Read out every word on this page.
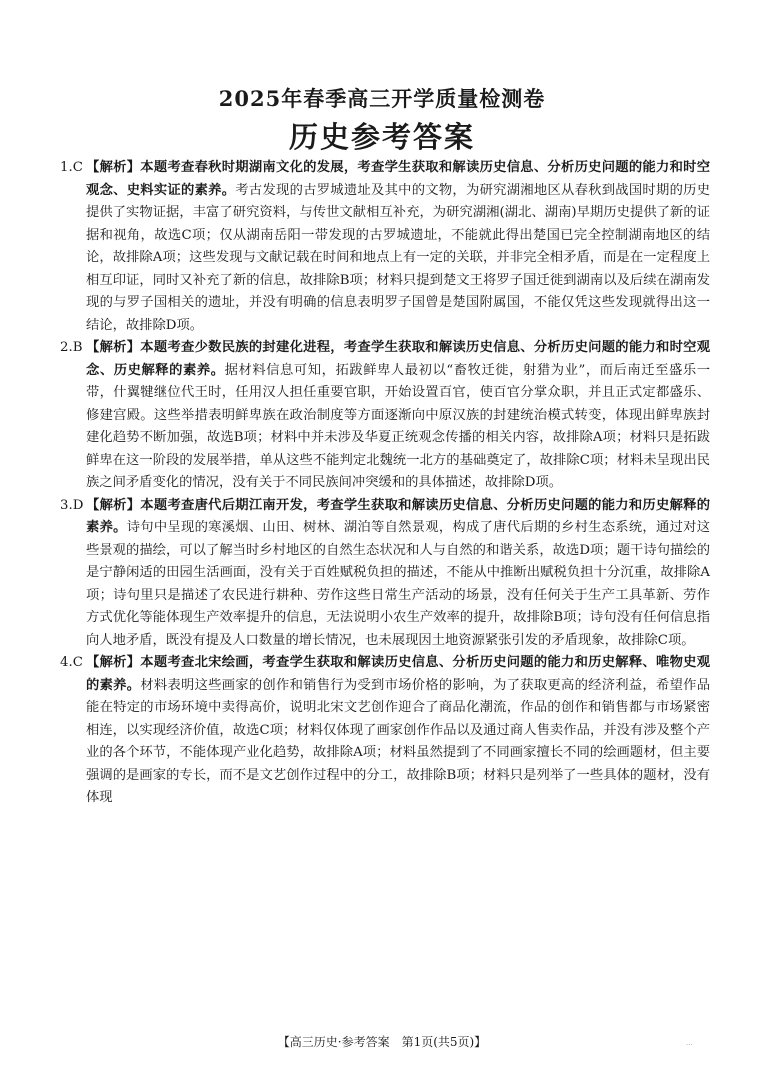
2025年春季高三开学质量检测卷
历史参考答案
1.C 【解析】本题考查春秋时期湖南文化的发展，考查学生获取和解读历史信息、分析历史问题的能力和时空观念、史料实证的素养。考古发现的古罗城遗址及其中的文物，为研究湖湘地区从春秋到战国时期的历史提供了实物证据，丰富了研究资料，与传世文献相互补充，为研究湖湘(湖北、湖南)早期历史提供了新的证据和视角，故选C项；仅从湖南岳阳一带发现的古罗城遗址，不能就此得出楚国已完全控制湖南地区的结论，故排除A项；这些发现与文献记载在时间和地点上有一定的关联，并非完全相矛盾，而是在一定程度上相互印证，同时又补充了新的信息，故排除B项；材料只提到楚文王将罗子国迁徙到湖南以及后续在湖南发现的与罗子国相关的遗址，并没有明确的信息表明罗子国曾是楚国附属国，不能仅凭这些发现就得出这一结论，故排除D项。
2.B 【解析】本题考查少数民族的封建化进程，考查学生获取和解读历史信息、分析历史问题的能力和时空观念、历史解释的素养。据材料信息可知，拓跋鲜卑人最初以“畜牧迁徙，射猎为业”，而后南迁至盛乐一带，什翼犍继位代王时，任用汉人担任重要官职，开始设置百官，使百官分掌众职，并且正式定都盛乐、修建宫殿。这些举措表明鲜卑族在政治制度等方面逐渐向中原汉族的封建统治模式转变，体现出鲜卑族封建化趋势不断加强，故选B项；材料中并未涉及华夏正统观念传播的相关内容，故排除A项；材料只是拓跋鲜卑在这一阶段的发展举措，单从这些不能判定北魏统一北方的基础奠定了，故排除C项；材料未呈现出民族之间矛盾变化的情况，没有关于不同民族间冲突缓和的具体描述，故排除D项。
3.D 【解析】本题考查唐代后期江南开发，考查学生获取和解读历史信息、分析历史问题的能力和历史解释的素养。诗句中呈现的寒溪烟、山田、树林、湖泊等自然景观，构成了唐代后期的乡村生态系统，通过对这些景观的描绘，可以了解当时乡村地区的自然生态状况和人与自然的和谐关系，故选D项；题干诗句描绘的是宁静闲适的田园生活画面，没有关于百姓赋税负担的描述，不能从中推断出赋税负担十分沉重，故排除A项；诗句里只是描述了农民进行耕种、劳作这些日常生产活动的场景，没有任何关于生产工具革新、劳作方式优化等能体现生产效率提升的信息，无法说明小农生产效率的提升，故排除B项；诗句没有任何信息指向人地矛盾，既没有提及人口数量的增长情况，也未展现因土地资源紧张引发的矛盾现象，故排除C项。
4.C 【解析】本题考查北宋绘画，考查学生获取和解读历史信息、分析历史问题的能力和历史解释、唯物史观的素养。材料表明这些画家的创作和销售行为受到市场价格的影响，为了获取更高的经济利益，希望作品能在特定的市场环境中卖得高价，说明北宋文艺创作迎合了商品化潮流，作品的创作和销售都与市场紧密相连，以实现经济价值，故选C项；材料仅体现了画家创作作品以及通过商人售卖作品，并没有涉及整个产业的各个环节，不能体现产业化趋势，故排除A项；材料虽然提到了不同画家擅长不同的绘画题材，但主要强调的是画家的专长，而不是文艺创作过程中的分工，故排除B项；材料只是列举了一些具体的题材，没有体现
【高三历史·参考答案　第1页(共5页)】	...
